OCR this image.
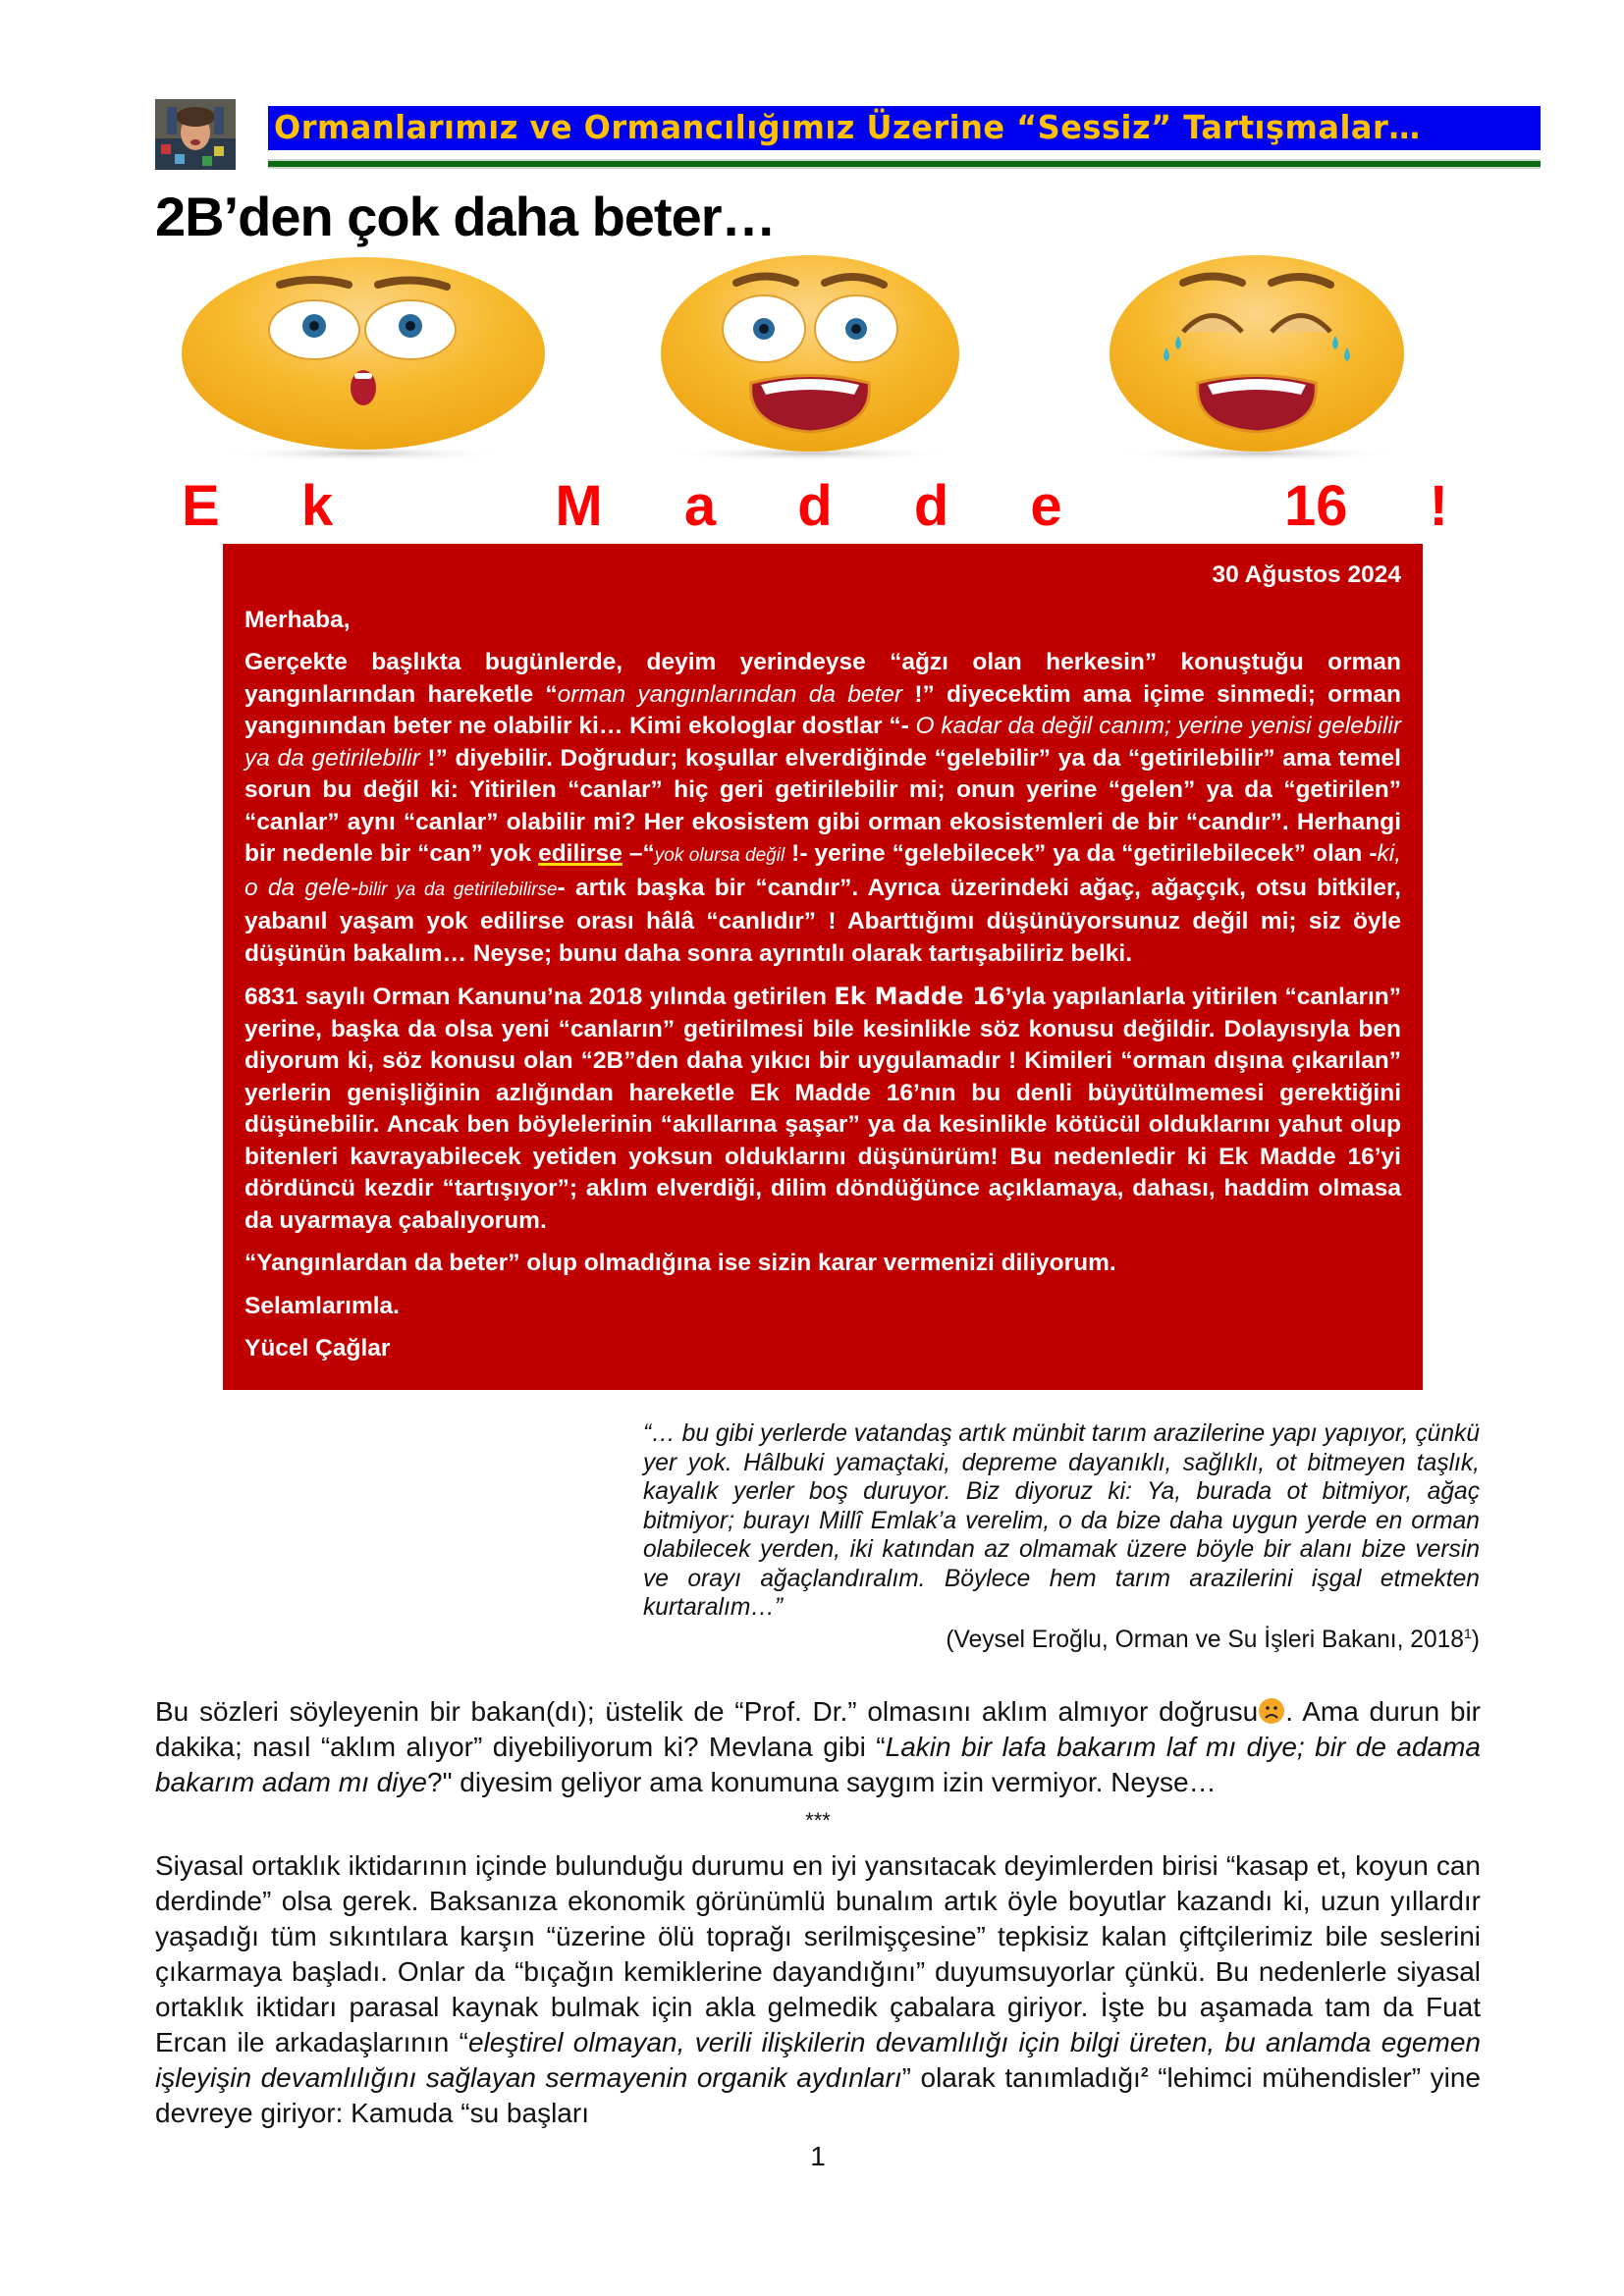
Ormanlarımız ve Ormancılığımız Üzerine “Sessiz” Tartışmalar…
2B’den çok daha beter…
E k	M a d d e	16 !

30 Ağustos 2024

Merhaba,

Gerçekte başlıkta bugünlerde, deyim yerindeyse “ağzı olan herkesin” konuştuğu orman yangınlarından hareketle “orman yangınlarından da beter !” diyecektim ama içime sinmedi; orman yangınından beter ne olabilir ki… Kimi ekologlar dostlar “- O kadar da değil canım; yerine yenisi gelebilir ya da getirilebilir !” diyebilir. Doğrudur; koşullar elverdiğinde “gelebilir” ya da “getirilebilir” ama temel sorun bu değil ki: Yitirilen “canlar” hiç geri getirilebilir mi; onun yerine “gelen” ya da “getirilen” “canlar” aynı “canlar” olabilir mi? Her ekosistem gibi orman ekosistemleri de bir “candır”. Herhangi bir nedenle bir “can” yok edilirse –“yok olursa değil !- yerine “gelebilecek” ya da “getirilebilecek” olan -ki, o da gele-bilir ya da getirilebilirse- artık başka bir “candır”. Ayrıca üzerindeki ağaç, ağaççık, otsu bitkiler, yabanıl yaşam yok edilirse orası hâlâ “canlıdır” ! Abarttığımı düşünüyorsunuz değil mi; siz öyle düşünün bakalım… Neyse; bunu daha sonra ayrıntılı olarak tartışabiliriz belki.

6831 sayılı Orman Kanunu’na 2018 yılında getirilen Ek Madde 16’yla yapılanlarla yitirilen “canların” yerine, başka da olsa yeni “canların” getirilmesi bile kesinlikle söz konusu değildir. Dolayısıyla ben diyorum ki, söz konusu olan “2B”den daha yıkıcı bir uygulamadır ! Kimileri “orman dışına çıkarılan” yerlerin genişliğinin azlığından hareketle Ek Madde 16’nın bu denli büyütülmemesi gerektiğini düşünebilir. Ancak ben böylelerinin “akıllarına şaşar” ya da kesinlikle kötücül olduklarını yahut olup bitenleri kavrayabilecek yetiden yoksun olduklarını düşünürüm! Bu nedenledir ki Ek Madde 16’yi dördüncü kezdir “tartışıyor”; aklım elverdiği, dilim döndüğünce açıklamaya, dahası, haddim olmasa da uyarmaya çabalıyorum.

“Yangınlardan da beter” olup olmadığına ise sizin karar vermenizi diliyorum.

Selamlarımla.

Yücel Çağlar

“… bu gibi yerlerde vatandaş artık münbit tarım arazilerine yapı yapıyor, çünkü yer yok. Hâlbuki yamaçtaki, depreme dayanıklı, sağlıklı, ot bitmeyen taşlık, kayalık yerler boş duruyor. Biz diyoruz ki: Ya, burada ot bitmiyor, ağaç bitmiyor; burayı Millî Emlak’a verelim, o da bize daha uygun yerde en orman olabilecek yerden, iki katından az olmamak üzere böyle bir alanı bize versin ve orayı ağaçlandıralım. Böylece hem tarım arazilerini işgal etmekten kurtaralım…”

(Veysel Eroğlu, Orman ve Su İşleri Bakanı, 2018$^1$)

Bu sözleri söyleyenin bir bakan(dı); üstelik de “Prof. Dr.” olmasını aklım almıyor doğrusu . Ama durun bir dakika; nasıl “aklım alıyor” diyebiliyorum ki? Mevlana gibi “Lakin bir lafa bakarım laf mı diye; bir de adama bakarım adam mı diye?" diyesim geliyor ama konumuna saygım izin vermiyor. Neyse…

***

Siyasal ortaklık iktidarının içinde bulunduğu durumu en iyi yansıtacak deyimlerden birisi “kasap et, koyun can derdinde” olsa gerek. Baksanıza ekonomik görünümlü bunalım artık öyle boyutlar kazandı ki, uzun yıllardır yaşadığı tüm sıkıntılara karşın “üzerine ölü toprağı serilmişçesine” tepkisiz kalan çiftçilerimiz bile seslerini çıkarmaya başladı. Onlar da “bıçağın kemiklerine dayandığını” duyumsuyorlar çünkü. Bu nedenlerle siyasal ortaklık iktidarı parasal kaynak bulmak için akla gelmedik çabalara giriyor. İşte bu aşamada tam da Fuat Ercan ile arkadaşlarının “eleştirel olmayan, verili ilişkilerin devamlılığı için bilgi üreten, bu anlamda egemen işleyişin devamlılığını sağlayan sermayenin organik aydınları” olarak tanımladığı$^2$ “lehimci mühendisler” yine devreye giriyor: Kamuda “su başları

1
